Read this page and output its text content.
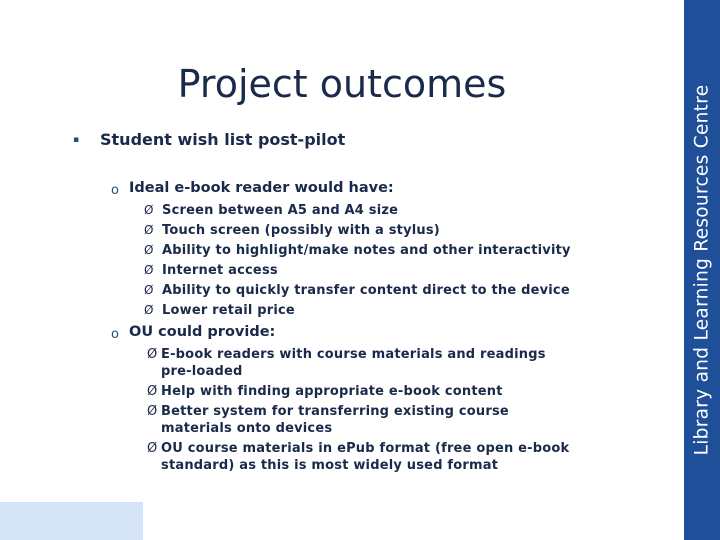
Library and Learning Resources Centre
Project outcomes
▪ Student wish list post-pilot
o Ideal e-book reader would have:
Ø Screen between A5 and A4 size
Ø Touch screen (possibly with a stylus)
Ø Ability to highlight/make notes and other interactivity
Ø Internet access
Ø Ability to quickly transfer content direct to the device
Ø Lower retail price
o OU could provide:
Ø E-book readers with course materials and readings
pre-loaded
Ø Help with finding appropriate e-book content
Ø Better system for transferring existing course
materials onto devices
Ø OU course materials in ePub format (free open e-book
standard) as this is most widely used format
